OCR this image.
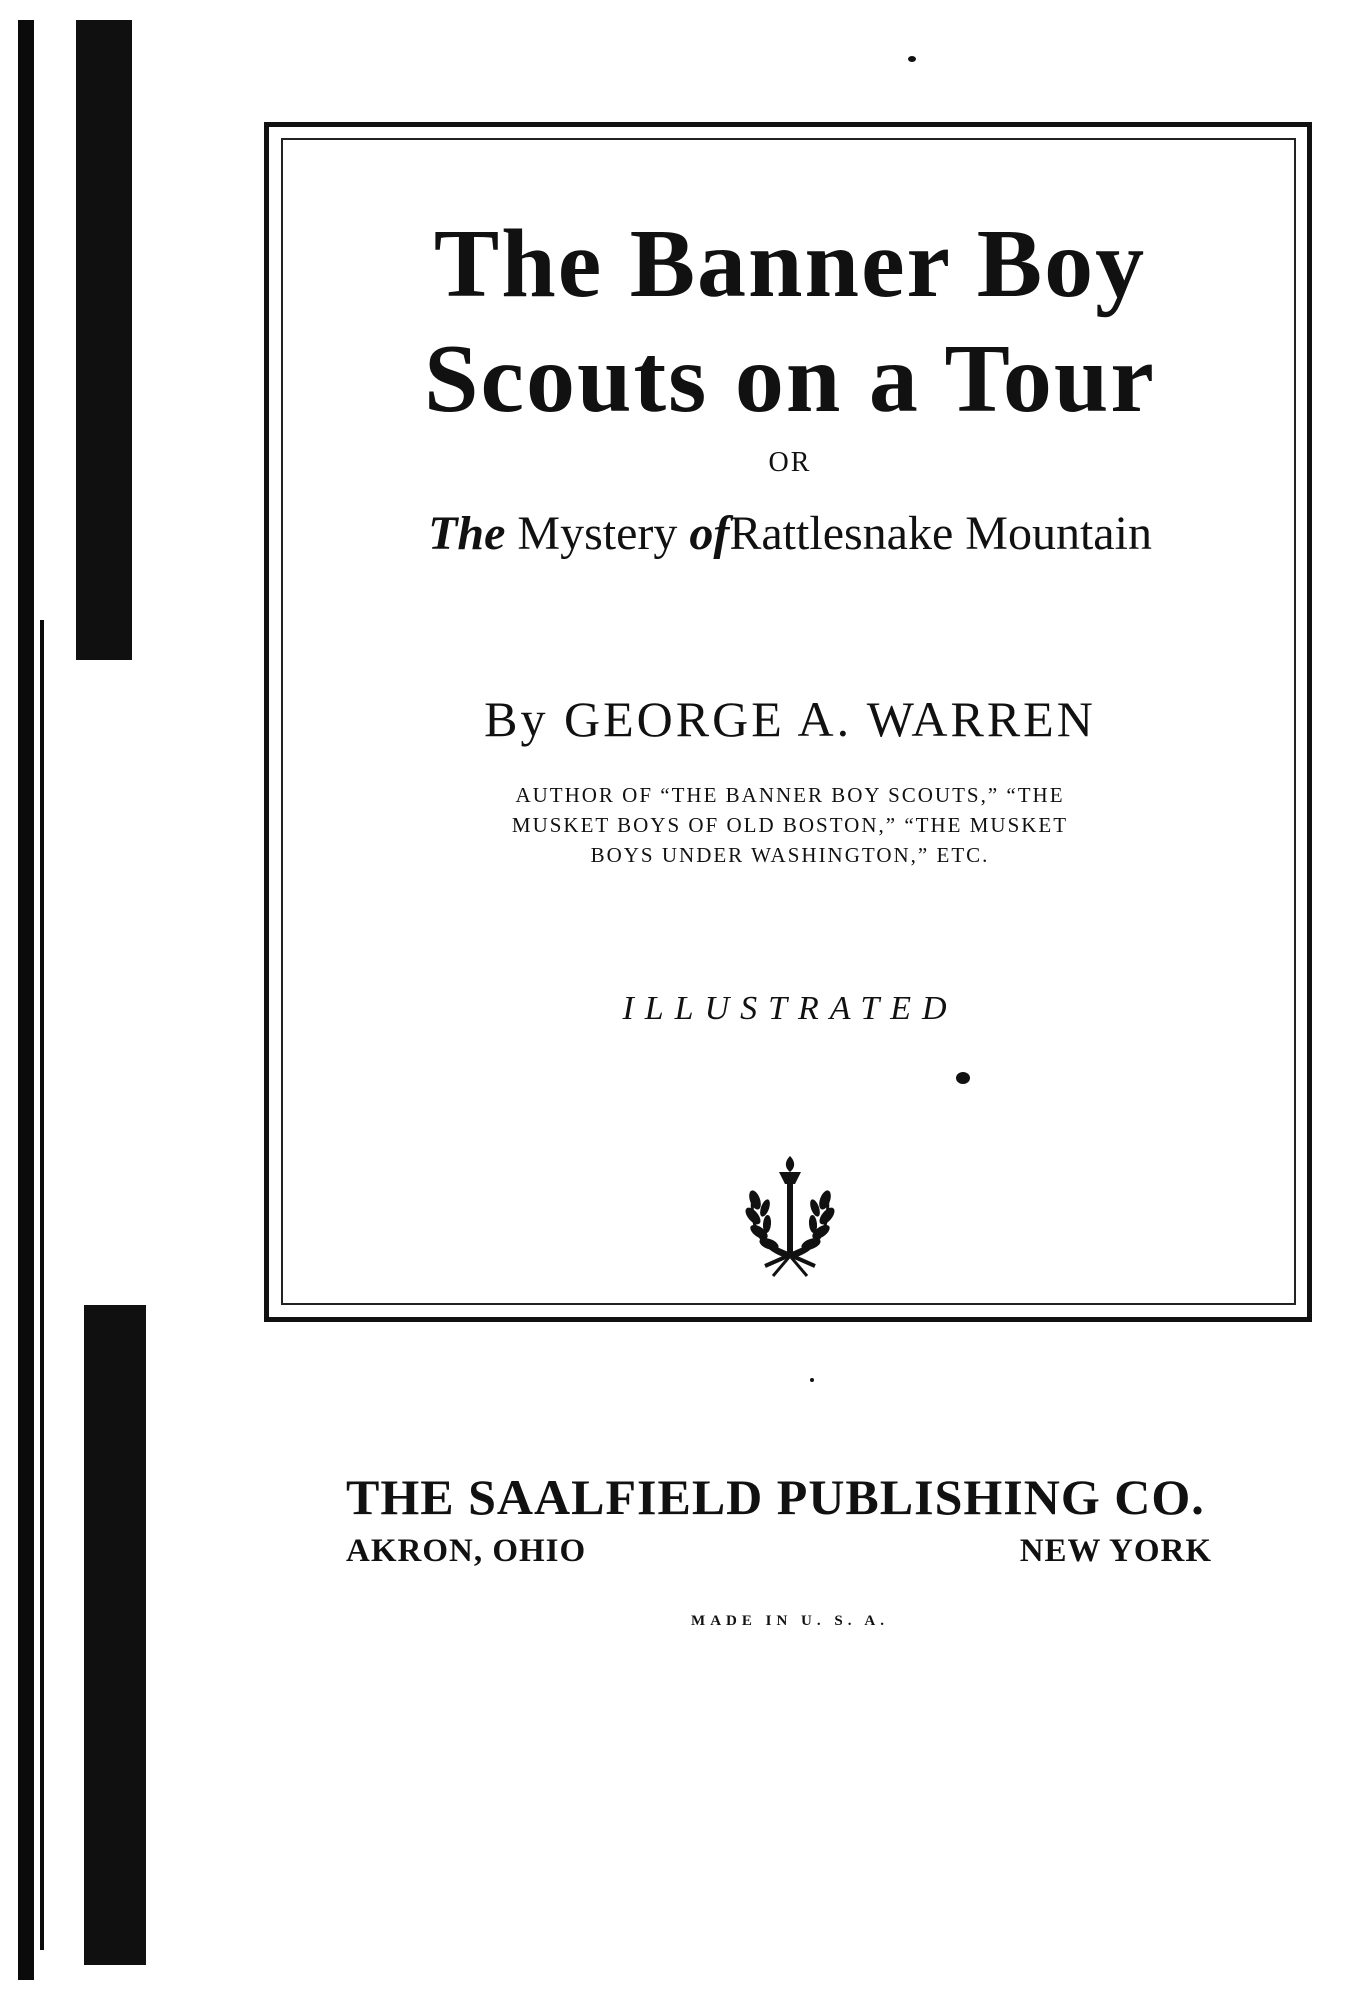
The Banner Boy
Scouts on a Tour
OR
The Mystery ofRattlesnake Mountain
By GEORGE A. WARREN
AUTHOR OF “THE BANNER BOY SCOUTS,” “THE
MUSKET BOYS OF OLD BOSTON,” “THE MUSKET
BOYS UNDER WASHINGTON,” ETC.
ILLUSTRATED
THE SAALFIELD PUBLISHING CO.
AKRON, OHIO	NEW YORK
MADE IN U. S. A.
